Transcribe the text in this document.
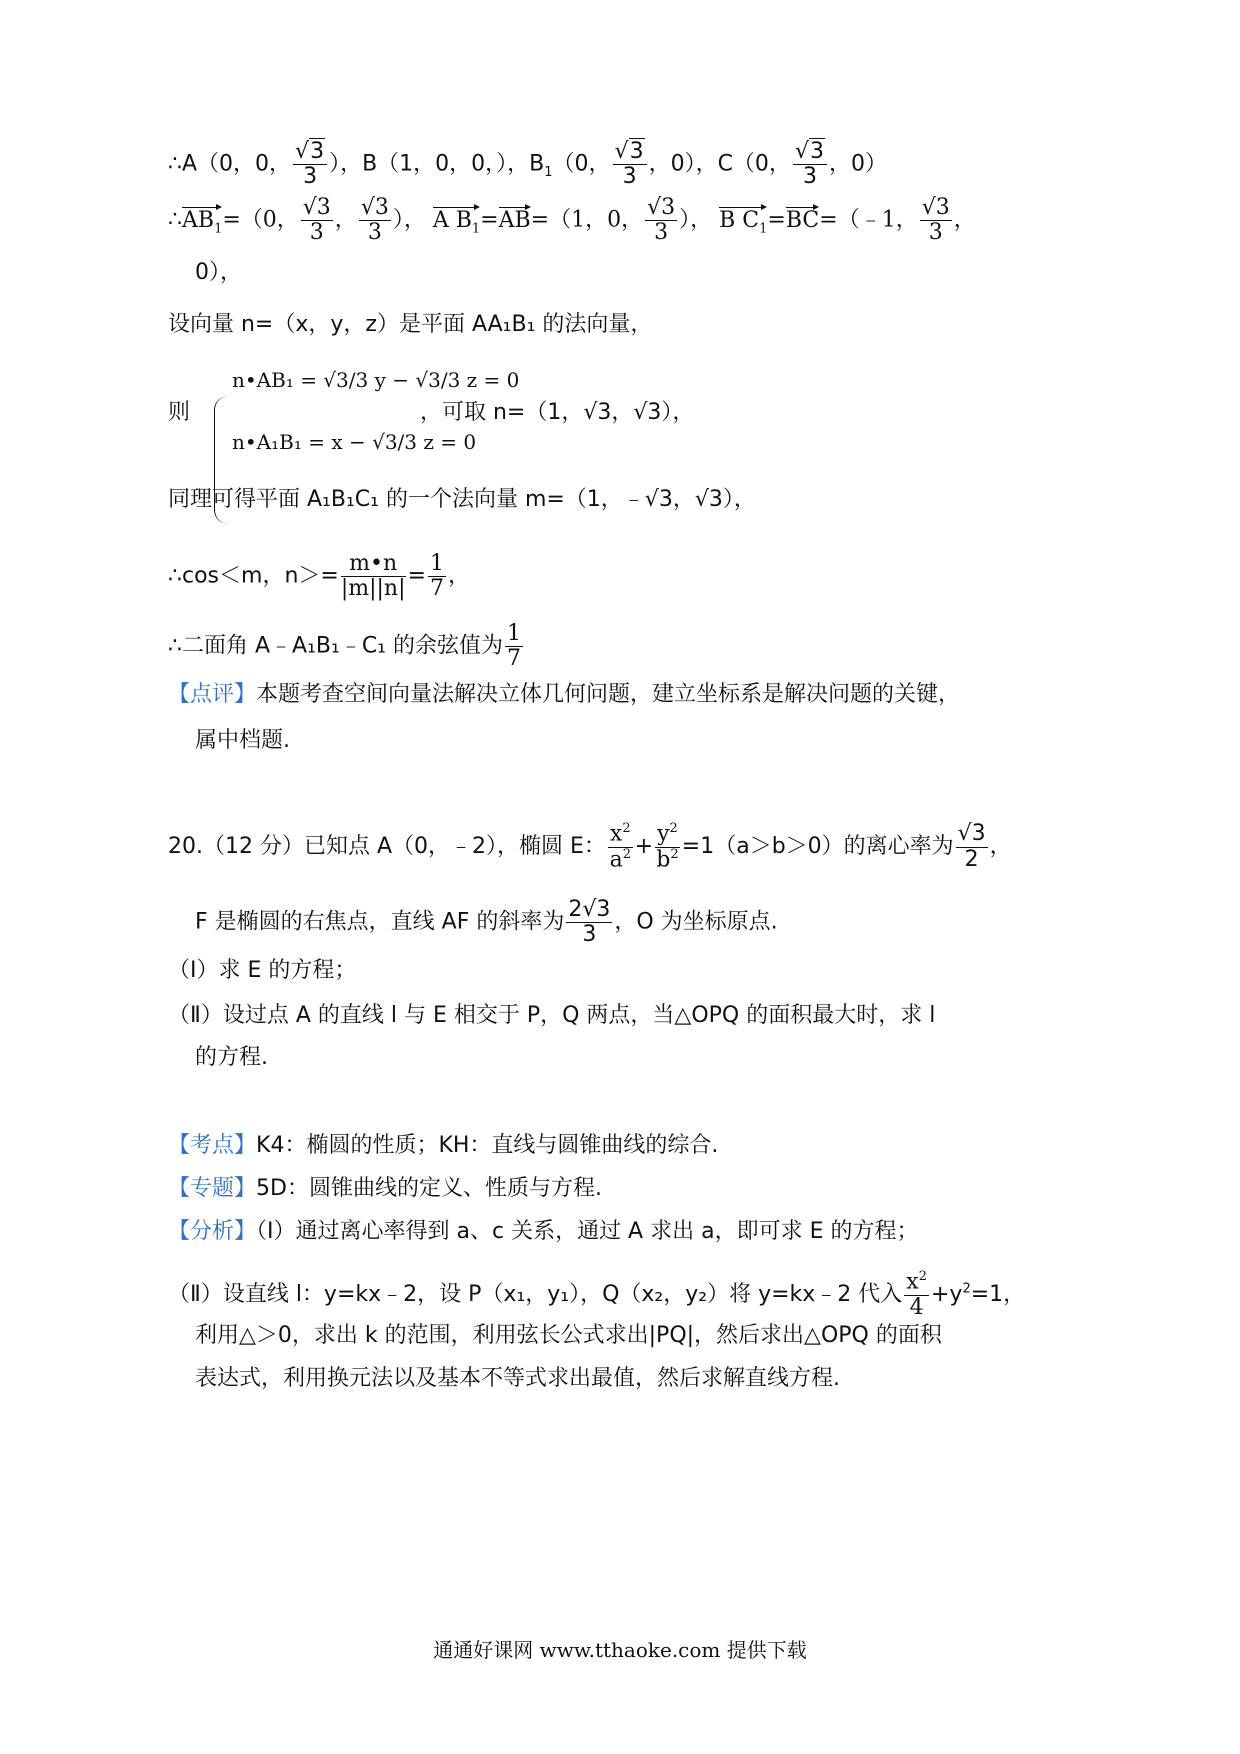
∴A（0，0， $\frac{√3}{3}$ ），B（1，0，0，），$B_1(0$， $\frac{√3}{3}$ ，0），C（0， $\frac{√3}{3}$ ，0）
$\therefore AB_1=(0$， $\frac{√3}{3}$ ， $\frac{√3}{3}$ ）， A $B_1=AB=(1$，0， $\frac{√3}{3}$ ）， B $C_1=BC=(﹣1$， $\frac{√3}{3}$ ，
0），
设向量 n=（x，y，z）是平面 AA₁B₁ 的法向量，
则
n•AB₁ = √3/3 y − √3/3 z = 0
n•A₁B₁ = x − √3/3 z = 0
，可取 n=（1，√3，√3），
同理可得平面 A₁B₁C₁ 的一个法向量 m=（1，﹣√3，√3），
∴cos＜m，$n>= \frac{m•n}{|m||n|} = \frac{1}{7}$ ，
∴二面角 A﹣A₁B₁﹣C₁ 的余弦值为 $\frac{1}{7}$
【点评】本题考查空间向量法解决立体几何问题，建立坐标系是解决问题的关键，
属中档题.
20.（12 分）已知点 A（0，﹣2），椭圆 E： $\frac{x^2}{a^2} + \frac{y^2}{b^2} =1(a>b>0)$的离心率为 $\frac{√3}{2}$ ，
F 是椭圆的右焦点，直线 AF 的斜率为 $\frac{2√3}{3}$ ，O 为坐标原点.
（Ⅰ）求 E 的方程；
（Ⅱ）设过点 A 的直线 l 与 E 相交于 P，Q 两点，当△OPQ 的面积最大时，求 l
的方程.
【考点】K4：椭圆的性质；KH：直线与圆锥曲线的综合.
【专题】5D：圆锥曲线的定义、性质与方程.
【分析】（Ⅰ）通过离心率得到 a、c 关系，通过 A 求出 a，即可求 E 的方程；
（Ⅱ）设直线 l：y=kx﹣2，设 P（x₁，y₁），Q（x₂，y₂）将 y=kx﹣2 代入 $\frac{x^2}{4} +y^2=1$，
利用△＞0，求出 k 的范围，利用弦长公式求出|PQ|，然后求出△OPQ 的面积
表达式，利用换元法以及基本不等式求出最值，然后求解直线方程.
通通好课网 www.tthaoke.com 提供下载
